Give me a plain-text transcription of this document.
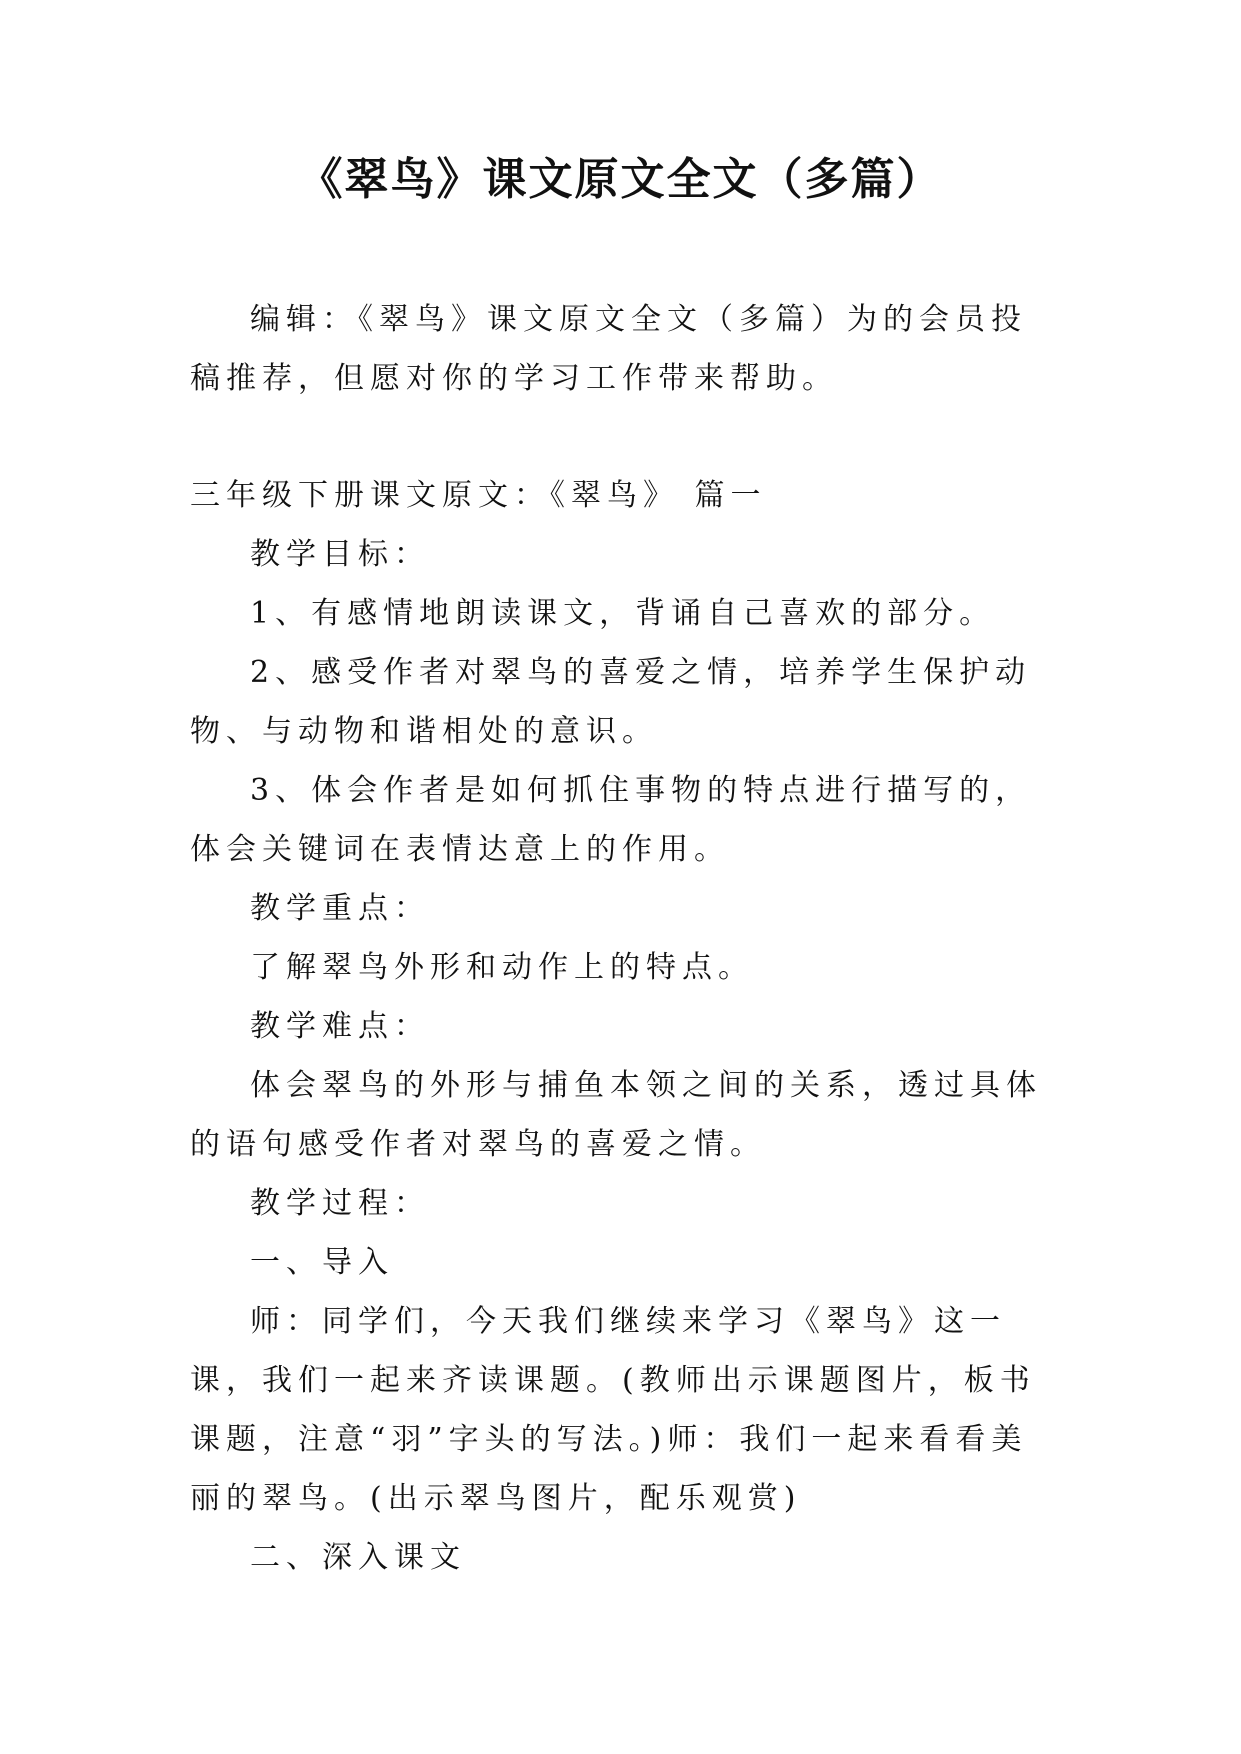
《翠鸟》课文原文全文（多篇）

编辑：《翠鸟》课文原文全文（多篇）为的会员投稿推荐，但愿对你的学习工作带来帮助。

三年级下册课文原文：《翠鸟》 篇一

教学目标：

1、有感情地朗读课文，背诵自己喜欢的部分。

2、感受作者对翠鸟的喜爱之情，培养学生保护动物、与动物和谐相处的意识。

3、体会作者是如何抓住事物的特点进行描写的，体会关键词在表情达意上的作用。

教学重点：

了解翠鸟外形和动作上的特点。

教学难点：

体会翠鸟的外形与捕鱼本领之间的关系，透过具体的语句感受作者对翠鸟的喜爱之情。

教学过程：

一、导入

师：同学们，今天我们继续来学习《翠鸟》这一课，我们一起来齐读课题。(教师出示课题图片，板书课题，注意“羽”字头的写法。)师：我们一起来看看美丽的翠鸟。(出示翠鸟图片，配乐观赏)

二、深入课文
